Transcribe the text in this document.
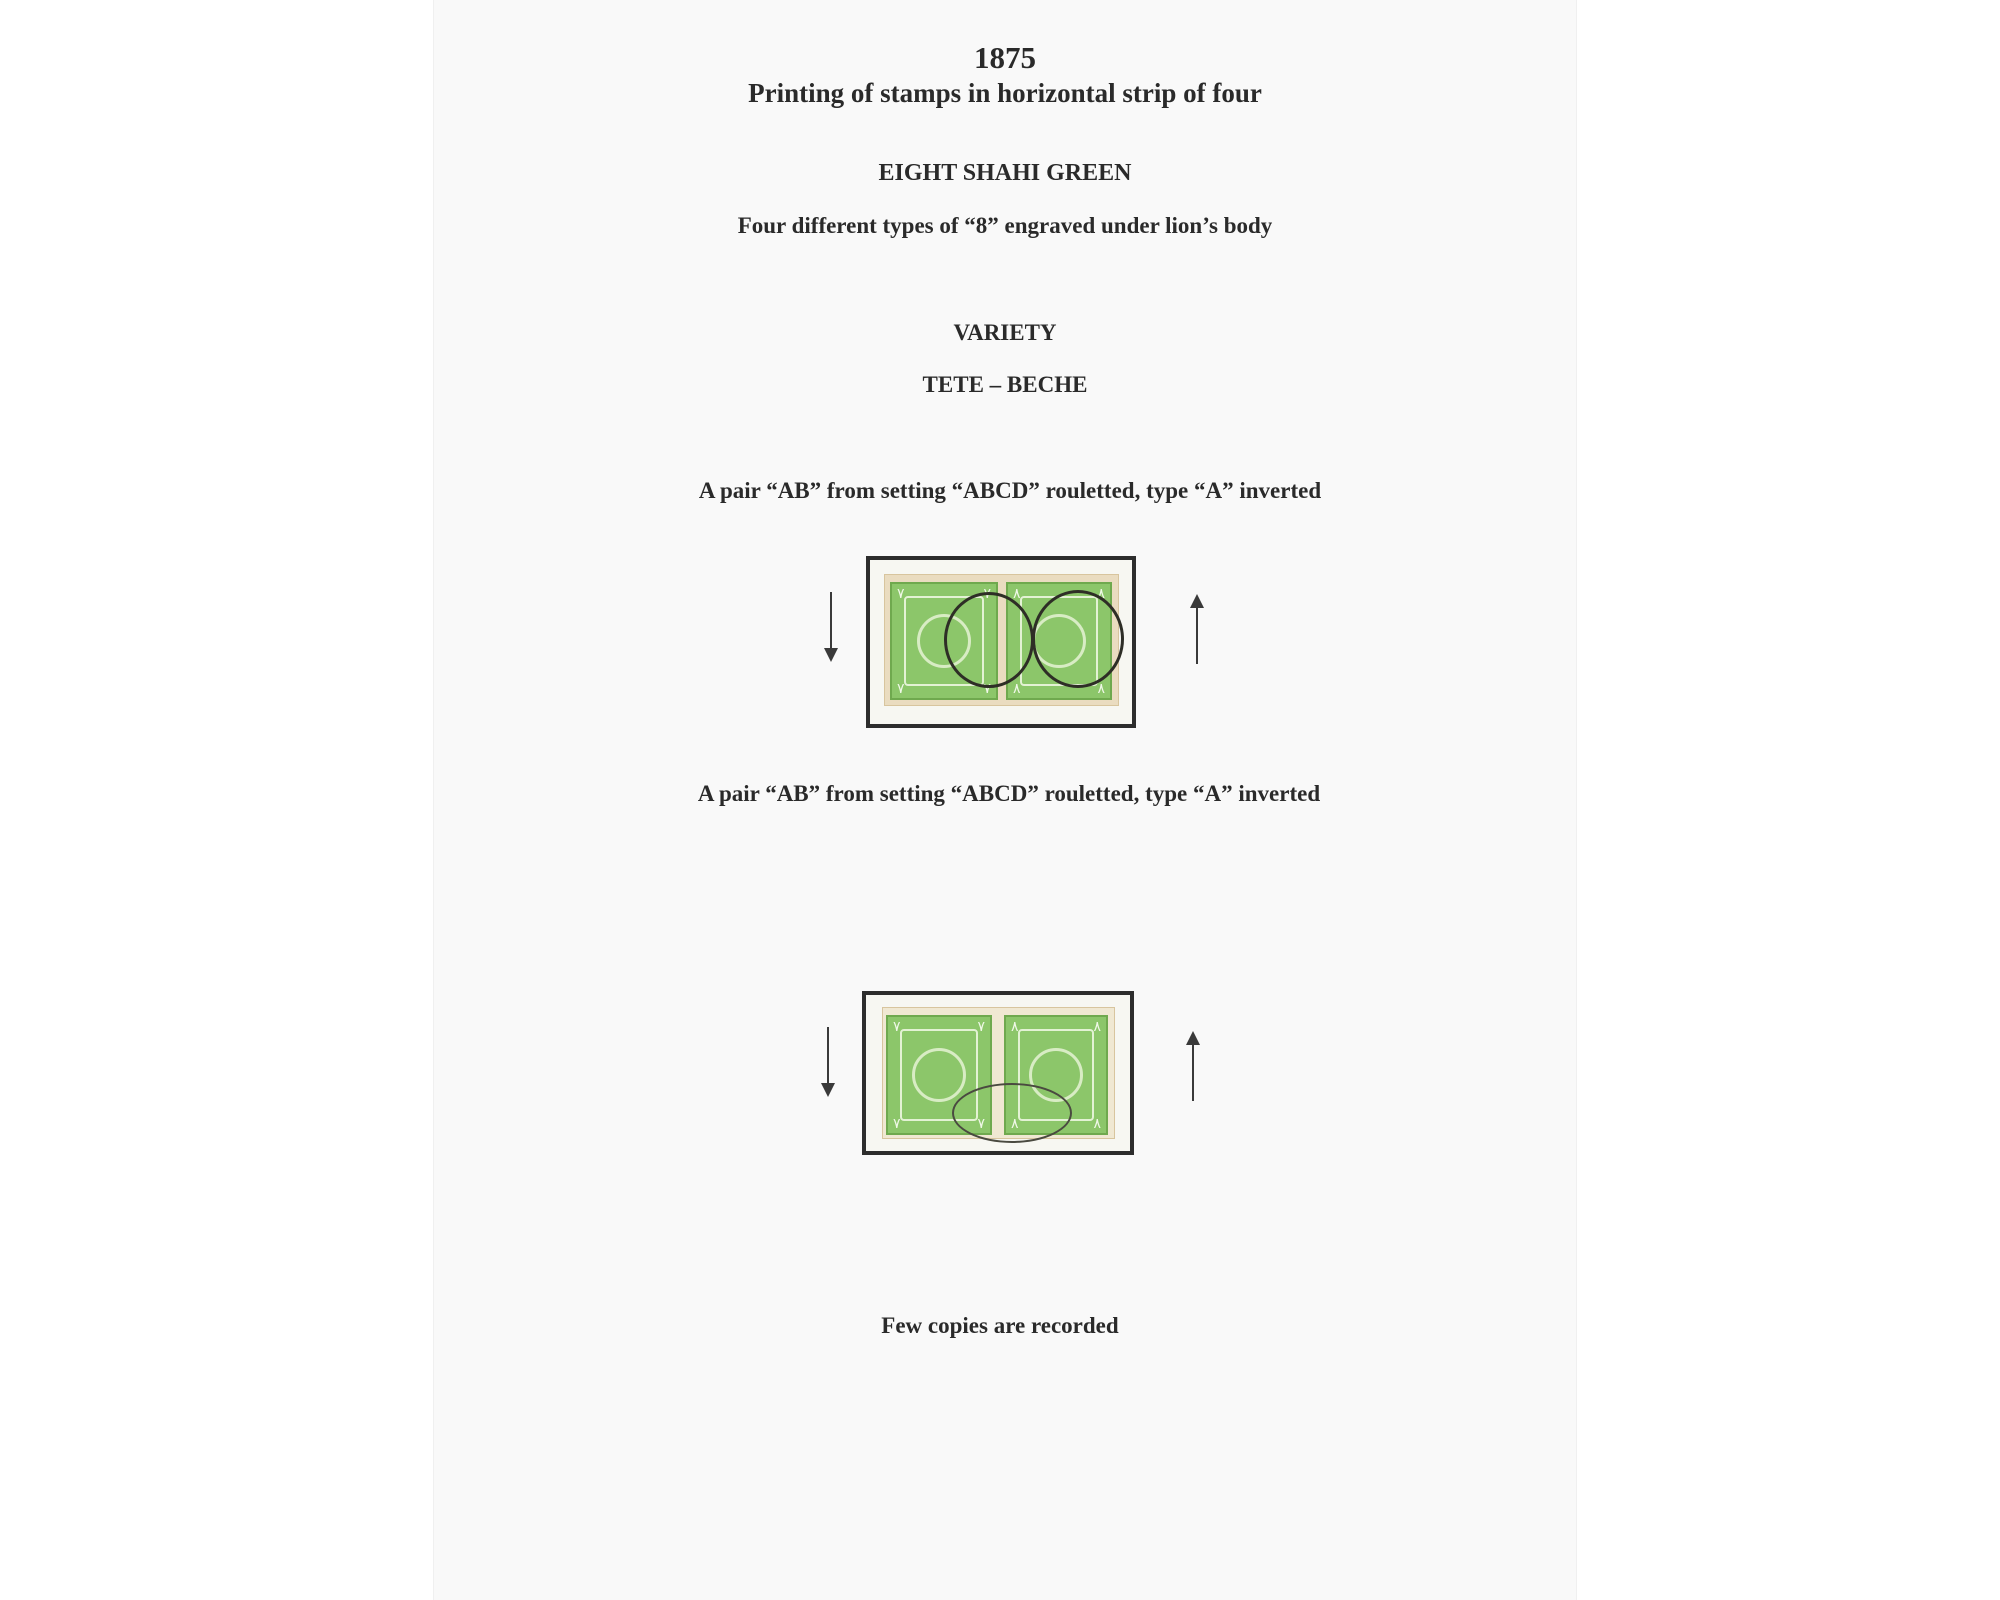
1875
Printing of stamps in horizontal strip of four
EIGHT SHAHI GREEN
Four different types of “8” engraved under lion’s body
VARIETY
TETE – BECHE
A pair “AB” from setting “ABCD” rouletted, type “A” inverted
٧	٧
٧	٧
٨	٨
٨	٨
A pair “AB” from setting “ABCD” rouletted, type “A” inverted
٧	٧
٧	٧
٨	٨
٨	٨
Few copies are recorded
